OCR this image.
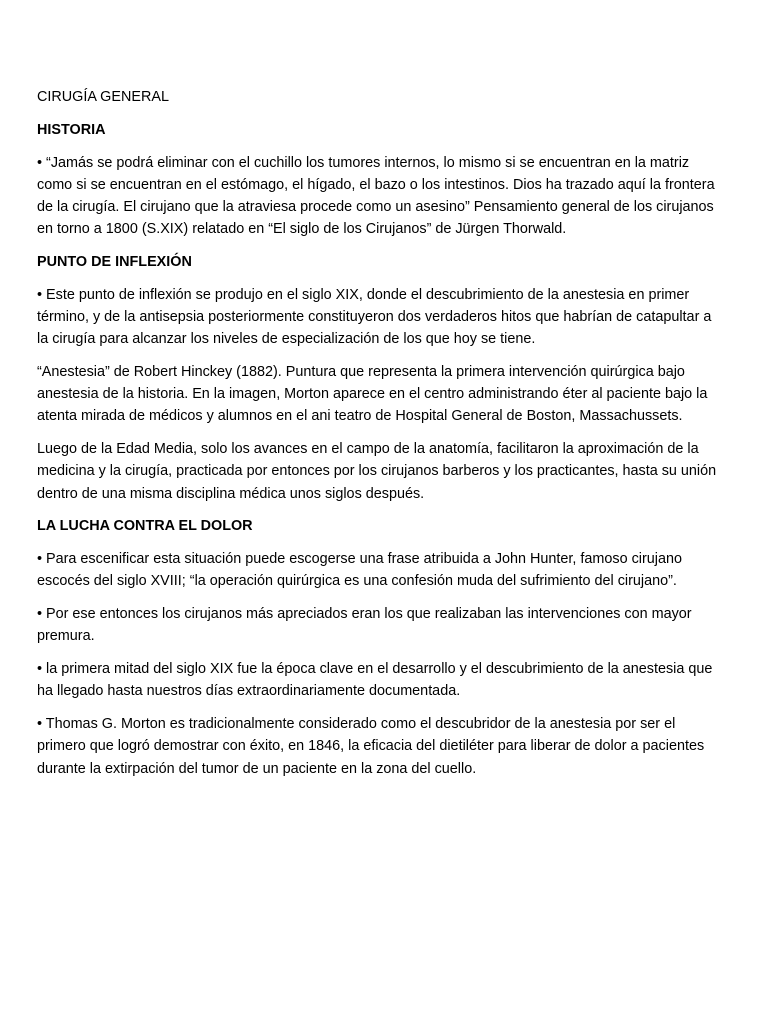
CIRUGÍA GENERAL

HISTORIA

• “Jamás se podrá eliminar con el cuchillo los tumores internos, lo mismo si se encuentran en la matriz como si se encuentran en el estómago, el hígado, el bazo o los intestinos. Dios ha trazado aquí la frontera de la cirugía. El cirujano que la atraviesa procede como un asesino” Pensamiento general de los cirujanos en torno a 1800 (S.XIX) relatado en “El siglo de los Cirujanos” de Jürgen Thorwald.

PUNTO DE INFLEXIÓN

• Este punto de inflexión se produjo en el siglo XIX, donde el descubrimiento de la anestesia en primer término, y de la antisepsia posteriormente constituyeron dos verdaderos hitos que habrían de catapultar a la cirugía para alcanzar los niveles de especialización de los que hoy se tiene.

“Anestesia” de Robert Hinckey (1882). Puntura que representa la primera intervención quirúrgica bajo anestesia de la historia. En la imagen, Morton aparece en el centro administrando éter al paciente bajo la atenta mirada de médicos y alumnos en el ani teatro de Hospital General de Boston, Massachussets.

Luego de la Edad Media, solo los avances en el campo de la anatomía, facilitaron la aproximación de la medicina y la cirugía, practicada por entonces por los cirujanos barberos y los practicantes, hasta su unión dentro de una misma disciplina médica unos siglos después.

LA LUCHA CONTRA EL DOLOR

• Para escenificar esta situación puede escogerse una frase atribuida a John Hunter, famoso cirujano escocés del siglo XVIII; “la operación quirúrgica es una confesión muda del sufrimiento del cirujano”.

• Por ese entonces los cirujanos más apreciados eran los que realizaban las intervenciones con mayor premura.

• la primera mitad del siglo XIX fue la época clave en el desarrollo y el descubrimiento de la anestesia que ha llegado hasta nuestros días extraordinariamente documentada.

• Thomas G. Morton es tradicionalmente considerado como el descubridor de la anestesia por ser el primero que logró demostrar con éxito, en 1846, la eficacia del dietiléter para liberar de dolor a pacientes durante la extirpación del tumor de un paciente en la zona del cuello.
